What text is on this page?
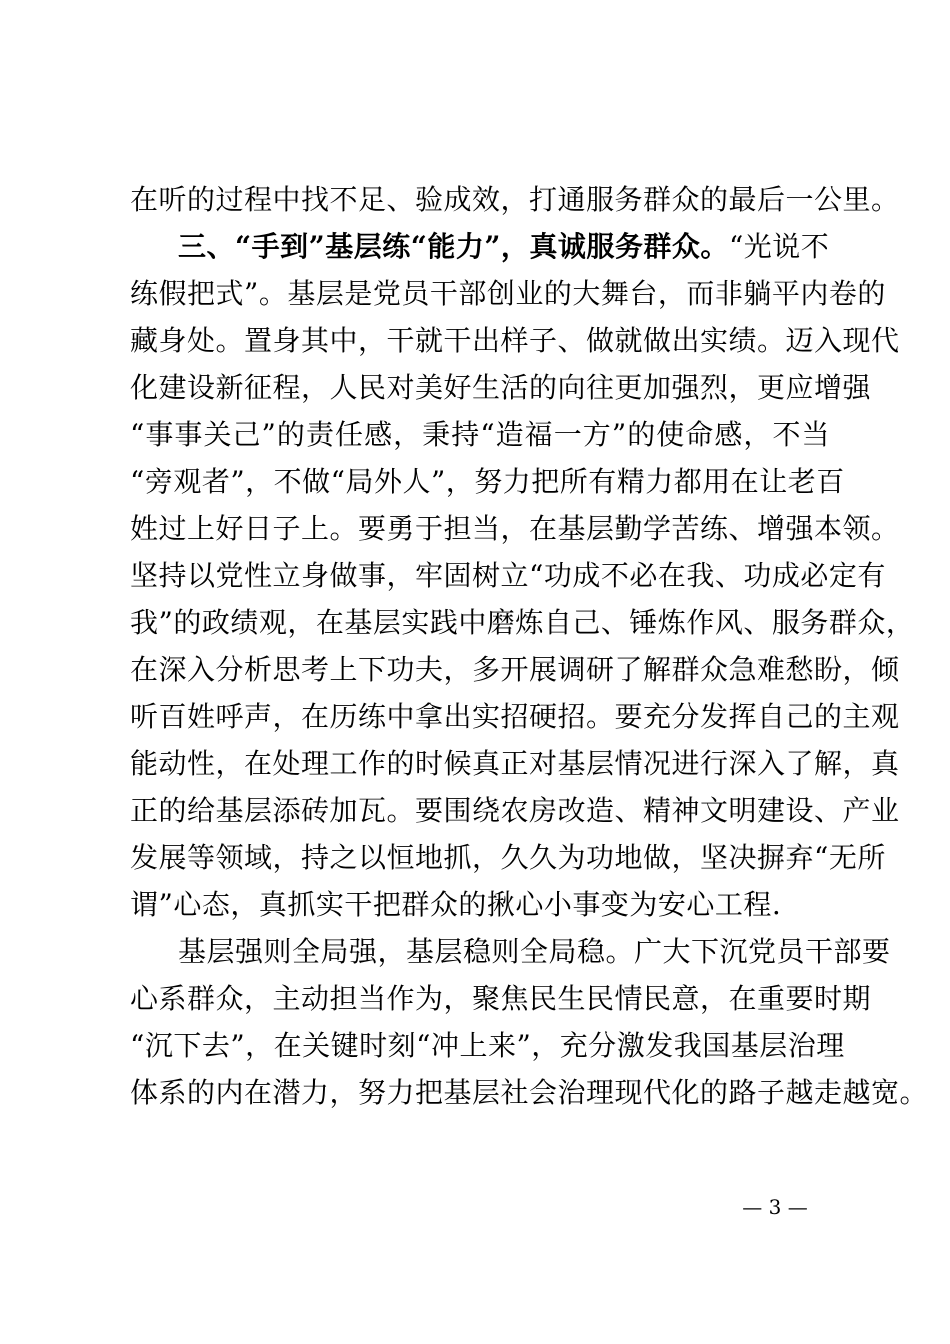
在听的过程中找不足、验成效，打通服务群众的最后一公里。
三、“手到”基层练“能力”，真诚服务群众。“光说不
练假把式”。基层是党员干部创业的大舞台，而非躺平内卷的
藏身处。置身其中，干就干出样子、做就做出实绩。迈入现代
化建设新征程，人民对美好生活的向往更加强烈，更应增强
“事事关己”的责任感，秉持“造福一方”的使命感，不当
“旁观者”，不做“局外人”，努力把所有精力都用在让老百
姓过上好日子上。要勇于担当，在基层勤学苦练、增强本领。
坚持以党性立身做事，牢固树立“功成不必在我、功成必定有
我”的政绩观，在基层实践中磨炼自己、锤炼作风、服务群众，
在深入分析思考上下功夫，多开展调研了解群众急难愁盼，倾
听百姓呼声，在历练中拿出实招硬招。要充分发挥自己的主观
能动性，在处理工作的时候真正对基层情况进行深入了解，真
正的给基层添砖加瓦。要围绕农房改造、精神文明建设、产业
发展等领域，持之以恒地抓，久久为功地做，坚决摒弃“无所
谓”心态，真抓实干把群众的揪心小事变为安心工程.
基层强则全局强，基层稳则全局稳。广大下沉党员干部要
心系群众，主动担当作为，聚焦民生民情民意，在重要时期
“沉下去”，在关键时刻“冲上来”，充分激发我国基层治理
体系的内在潜力，努力把基层社会治理现代化的路子越走越宽。
— 3 —
